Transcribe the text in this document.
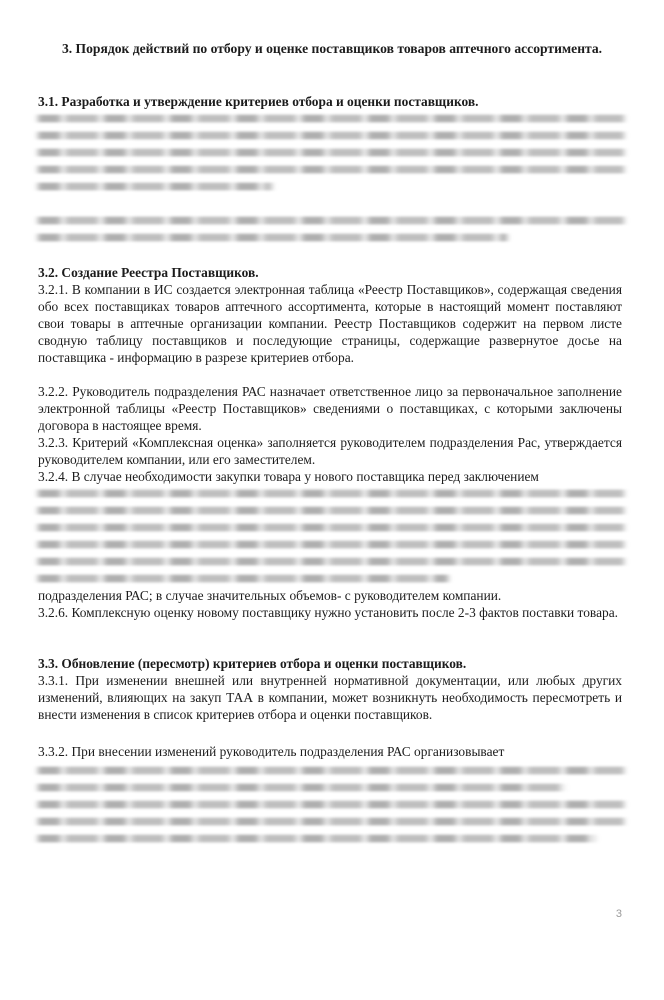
3. Порядок действий по отбору и оценке поставщиков товаров аптечного ассортимента.
3.1. Разработка и утверждение критериев отбора и оценки поставщиков.
3.2. Создание Реестра Поставщиков.
3.2.1. В компании в ИС создается электронная таблица «Реестр Поставщиков», содержащая сведения обо всех поставщиках товаров аптечного ассортимента, которые в настоящий момент поставляют свои товары в аптечные организации компании. Реестр Поставщиков содержит на первом листе сводную таблицу поставщиков и последующие страницы, содержащие развернутое досье на поставщика - информацию в разрезе критериев отбора.
3.2.2. Руководитель подразделения РАС назначает ответственное лицо за первоначальное заполнение электронной таблицы «Реестр Поставщиков» сведениями о поставщиках, с которыми заключены договора в настоящее время.
3.2.3. Критерий «Комплексная оценка» заполняется руководителем подразделения Рас, утверждается руководителем компании, или его заместителем.
3.2.4. В случае необходимости закупки товара у нового поставщика перед заключением
подразделения РАС; в случае значительных объемов- с руководителем компании.
3.2.6. Комплексную оценку новому поставщику нужно установить после 2-3 фактов поставки товара.
3.3. Обновление (пересмотр) критериев отбора и оценки поставщиков.
3.3.1. При изменении внешней или внутренней нормативной документации, или любых других изменений, влияющих на закуп ТАА в компании, может возникнуть необходимость пересмотреть и внести изменения в список критериев отбора и оценки поставщиков.
3.3.2. При внесении изменений руководитель подразделения РАС организовывает
3
